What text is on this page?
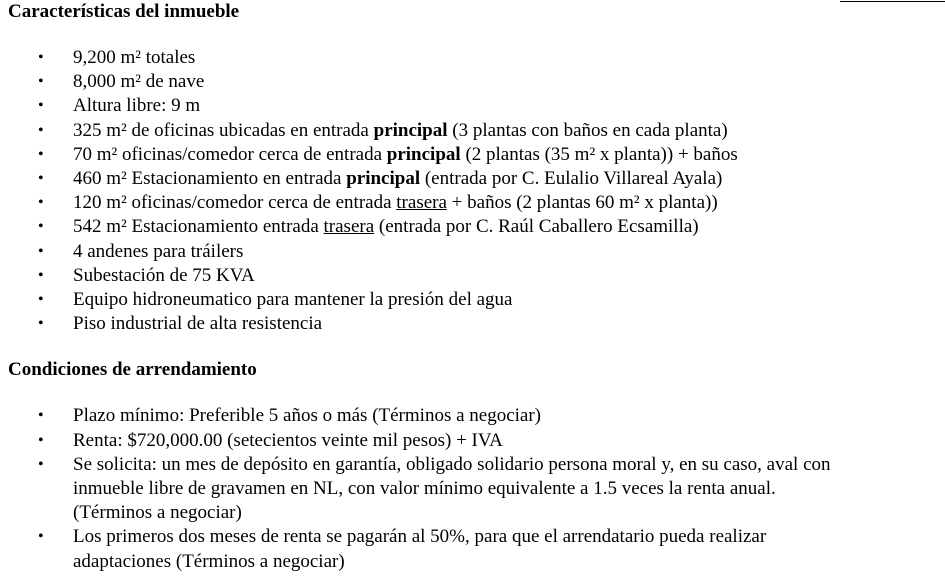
Características del inmueble
• 9,200 m² totales
• 8,000 m² de nave
• Altura libre: 9 m
• 325 m² de oficinas ubicadas en entrada principal (3 plantas con baños en cada planta)
• 70 m² oficinas/comedor cerca de entrada principal (2 plantas (35 m² x planta)) + baños
• 460 m² Estacionamiento en entrada principal (entrada por C. Eulalio Villareal Ayala)
• 120 m² oficinas/comedor cerca de entrada trasera + baños (2 plantas 60 m² x planta))
• 542 m² Estacionamiento entrada trasera (entrada por C. Raúl Caballero Ecsamilla)
• 4 andenes para tráilers
• Subestación de 75 KVA
• Equipo hidroneumatico para mantener la presión del agua
• Piso industrial de alta resistencia
Condiciones de arrendamiento
• Plazo mínimo: Preferible 5 años o más (Términos a negociar)
• Renta: $720,000.00 (setecientos veinte mil pesos) + IVA
• Se solicita: un mes de depósito en garantía, obligado solidario persona moral y, en su caso, aval con inmueble libre de gravamen en NL, con valor mínimo equivalente a 1.5 veces la renta anual. (Términos a negociar)
• Los primeros dos meses de renta se pagarán al 50%, para que el arrendatario pueda realizar adaptaciones (Términos a negociar)
